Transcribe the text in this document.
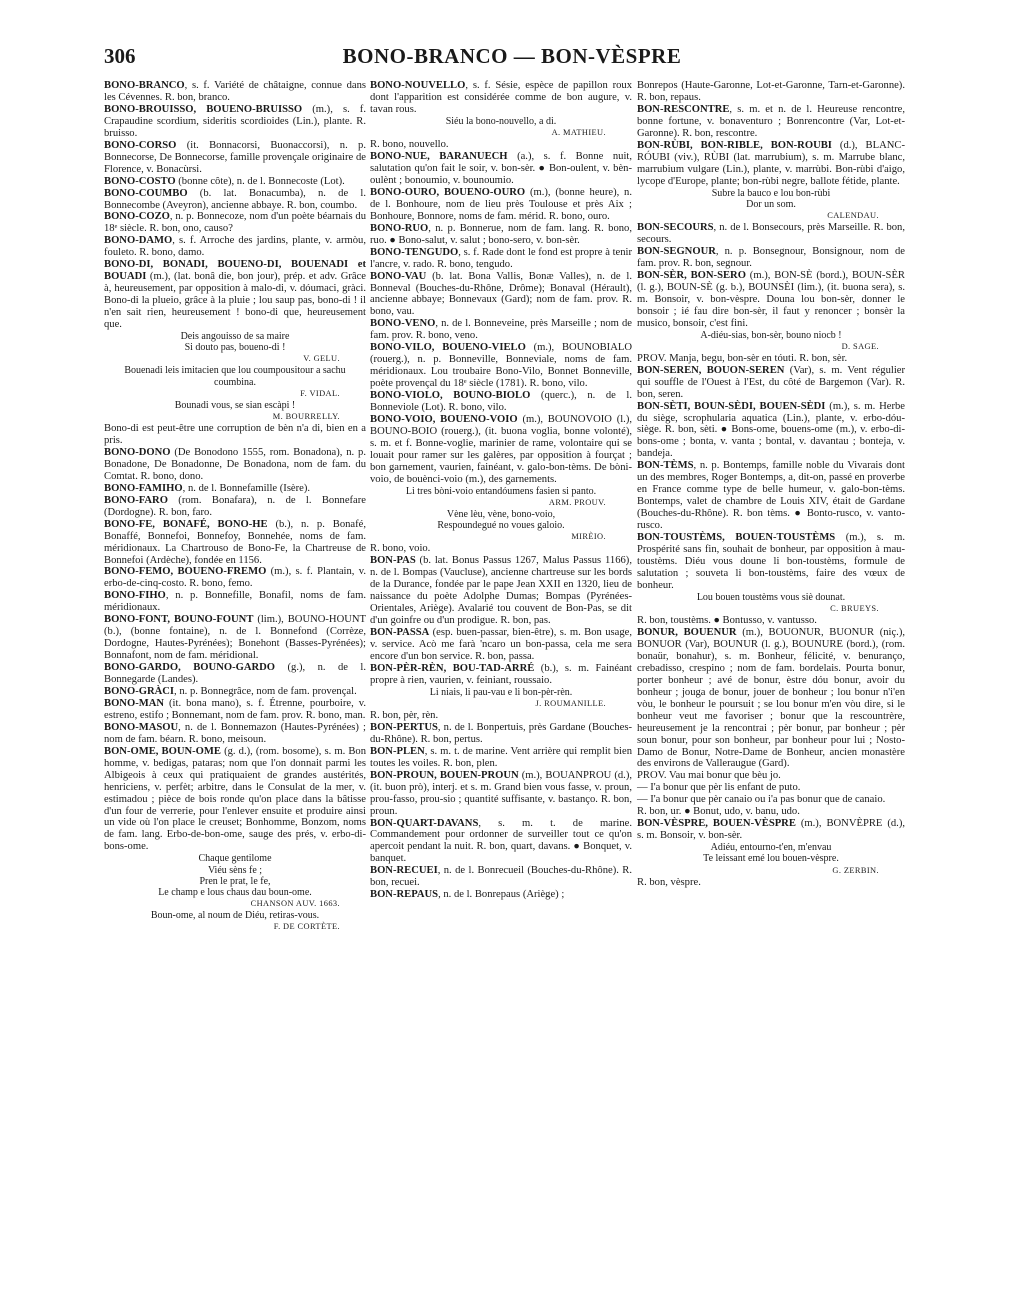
BONO-BRANCO — BON-VÈSPRE
306

BONO-BRANCO, s. f. Variété de châtaigne, connue dans les Cévennes. R. bon, branco.

BONO-BROUISSO, BOUENO-BRUISSO (m.), s. f. Crapaudine scordium, sideritis scordioides (Lin.), plante. R. bruisso.

BONO-CORSO (it. Bonnacorsi, Buonaccorsi), n. p. Bonnecorse, De Bonnecorse, famille provençale originaire de Florence, v. Bonacùrsi.

BONO-COSTO (bonne côte), n. de l. Bonnecoste (Lot).

BONO-COUMBO (b. lat. Bonacumba), n. de l. Bonnecombe (Aveyron), ancienne abbaye. R. bon, coumbo.

BONO-COZO, n. p. Bonnecoze, nom d'un poète béarnais du 18ᵉ siècle. R. bon, ono, causo?

BONO-DAMO, s. f. Arroche des jardins, plante, v. armòu, fouleto. R. bono, damo.

BONO-DI, BONADI, BOUENO-DI, BOUENADI et BOUADI (m.), (lat. bonâ die, bon jour), prép. et adv. Grâce à, heureusement, par opposition à malo-di, v. dóumaci, gràci. Bono-di la plueio, grâce à la pluie ; lou saup pas, bono-di ! il n'en sait rien, heureusement ! bono-di que, heureusement que.

Deis angouisso de sa maire
Si douto pas, boueno-di !

V. GELU.

Bouenadi leis imitacien que lou coumpousitour a sachu coumbina.

F. VIDAL.

Bounadi vous, se sian escàpi !

M. BOURRELLY.

Bono-di est peut-être une corruption de bèn n'a di, bien en a pris.

BONO-DONO (De Bonodono 1555, rom. Bonadona), n. p. Bonadone, De Bonadonne, De Bonadona, nom de fam. du Comtat. R. bono, dono.

BONO-FAMIHO, n. de l. Bonnefamille (Isère).

BONO-FARO (rom. Bonafara), n. de l. Bonnefare (Dordogne). R. bon, faro.

BONO-FE, BONAFÉ, BONO-HE (b.), n. p. Bonafé, Bonaffé, Bonnefoi, Bonnefoy, Bonnehée, noms de fam. méridionaux. La Chartrouso de Bono-Fe, la Chartreuse de Bonnefoi (Ardèche), fondée en 1156.

BONO-FEMO, BOUENO-FREMO (m.), s. f. Plantain, v. erbo-de-cinq-costo. R. bono, femo.

BONO-FIHO, n. p. Bonnefille, Bonafil, noms de fam. méridionaux.

BONO-FONT, BOUNO-FOUNT (lim.), BOUNO-HOUNT (b.), (bonne fontaine), n. de l. Bonnefond (Corrèze, Dordogne, Hautes-Pyrénées); Bonehont (Basses-Pyrénées); Bonnafont, nom de fam. méridional.

BONO-GARDO, BOUNO-GARDO (g.), n. de l. Bonnegarde (Landes).

BONO-GRÀCI, n. p. Bonnegrâce, nom de fam. provençal.

BONO-MAN (it. bona mano), s. f. Étrenne, pourboire, v. estreno, estifo ; Bonnemant, nom de fam. prov. R. bono, man.

BONO-MASOU, n. de l. Bonnemazon (Hautes-Pyrénées) ; nom de fam. béarn. R. bono, meisoun.

BON-OME, BOUN-OME (g. d.), (rom. bosome), s. m. Bon homme, v. bedigas, pataras; nom que l'on donnait parmi les Albigeois à ceux qui pratiquaient de grandes austérités, henriciens, v. perfèt; arbitre, dans le Consulat de la mer, v. estimadou ; pièce de bois ronde qu'on place dans la bâtisse d'un four de verrerie, pour l'enlever ensuite et produire ainsi un vide où l'on place le creuset; Bonhomme, Bonzom, noms de fam. lang. Erbo-de-bon-ome, sauge des prés, v. erbo-di-bons-ome.

Chaque gentilome
Viéu sèns fe ;
Pren le prat, le fe,
Le champ e lous chaus dau boun-ome.

CHANSON AUV. 1663.

Boun-ome, al noum de Diéu, retiras-vous.

F. DE CORTÈTE.

BONO-NOUVELLO, s. f. Sésie, espèce de papillon roux dont l'apparition est considérée comme de bon augure, v. tavan rous.

Siéu la bono-nouvello, a di.

A. MATHIEU.

R. bono, nouvello.

BONO-NUE, BARANUECH (a.), s. f. Bonne nuit, salutation qu'on fait le soir, v. bon-sèr. ● Bon-oulent, v. bèn-oulènt ; bonoumio, v. bounoumio.

BONO-OURO, BOUENO-OURO (m.), (bonne heure), n. de l. Bonhoure, nom de lieu près Toulouse et près Aix ; Bonhoure, Bonnore, noms de fam. mérid. R. bono, ouro.

BONO-RUO, n. p. Bonnerue, nom de fam. lang. R. bono, ruo. ● Bono-salut, v. salut ; bono-sero, v. bon-sèr.

BONO-TENGUDO, s. f. Rade dont le fond est propre à tenir l'ancre, v. rado. R. bono, tengudo.

BONO-VAU (b. lat. Bona Vallis, Bonæ Valles), n. de l. Bonneval (Bouches-du-Rhône, Drôme); Bonaval (Hérault), ancienne abbaye; Bonnevaux (Gard); nom de fam. prov. R. bono, vau.

BONO-VENO, n. de l. Bonneveine, près Marseille ; nom de fam. prov. R. bono, veno.

BONO-VILO, BOUENO-VIELO (m.), BOUNOBIALO (rouerg.), n. p. Bonneville, Bonneviale, noms de fam. méridionaux. Lou troubaire Bono-Vilo, Bonnet Bonneville, poète provençal du 18ᵉ siècle (1781). R. bono, vilo.

BONO-VIOLO, BOUNO-BIOLO (querc.), n. de l. Bonneviole (Lot). R. bono, vilo.

BONO-VOIO, BOUENO-VOIO (m.), BOUNOVOIO (l.), BOUNO-BOIO (rouerg.), (it. buona voglia, bonne volonté), s. m. et f. Bonne-voglie, marinier de rame, volontaire qui se louait pour ramer sur les galères, par opposition à fourçat ; bon garnement, vaurien, fainéant, v. galo-bon-tèms. De bòni-voio, de bouènci-voio (m.), des garnements.

Li tres bòni-voio entandóumens fasien si panto.

ARM. PROUV.

Vène lèu, vène, bono-voio,
Respoundegué no voues galoio.

MIRÈIO.

R. bono, voio.

BON-PAS (b. lat. Bonus Passus 1267, Malus Passus 1166), n. de l. Bompas (Vaucluse), ancienne chartreuse sur les bords de la Durance, fondée par le pape Jean XXII en 1320, lieu de naissance du poète Adolphe Dumas; Bompas (Pyrénées-Orientales, Ariège). Avalarié tou couvent de Bon-Pas, se dit d'un goinfre ou d'un prodigue. R. bon, pas.

BON-PASSA (esp. buen-passar, bien-être), s. m. Bon usage, v. service. Acò me farà 'ncaro un bon-passa, cela me sera encore d'un bon service. R. bon, passa.

BON-PÈR-RÈN, BOU-TAD-ARRÉ (b.), s. m. Fainéant propre à rien, vaurien, v. feiniant, roussaio.

Li niais, li pau-vau e li bon-pèr-rèn.

J. ROUMANILLE.

R. bon, pèr, rèn.

BON-PERTUS, n. de l. Bonpertuis, près Gardane (Bouches-du-Rhône). R. bon, pertus.

BON-PLEN, s. m. t. de marine. Vent arrière qui remplit bien toutes les voiles. R. bon, plen.

BON-PROUN, BOUEN-PROUN (m.), BOUANPROU (d.), (it. buon prò), interj. et s. m. Grand bien vous fasse, v. proun, prou-fasso, prou-sio ; quantité suffisante, v. bastanço. R. bon, proun.

BON-QUART-DAVANS, s. m. t. de marine. Commandement pour ordonner de surveiller tout ce qu'on apercoit pendant la nuit. R. bon, quart, davans. ● Bonquet, v. banquet.

BON-RECUEI, n. de l. Bonrecueil (Bouches-du-Rhône). R. bon, recuei.

BON-REPAUS, n. de l. Bonrepaus (Ariège) ;

Bonrepos (Haute-Garonne, Lot-et-Garonne, Tarn-et-Garonne). R. bon, repaus.

BON-RESCONTRE, s. m. et n. de l. Heureuse rencontre, bonne fortune, v. bonaventuro ; Bonrencontre (Var, Lot-et-Garonne). R. bon, rescontre.

BON-RÙBI, BON-RIBLE, BON-ROUBI (d.), BLANC-RÓUBI (viv.), RÙBI (lat. marrubium), s. m. Marrube blanc, marrubium vulgare (Lin.), plante, v. marrùbi. Bon-rùbi d'aigo, lycope d'Europe, plante; bon-rùbi negre, ballote fétide, plante.

Subre la bauco e lou bon-rùbi
Dor un som.

CALENDAU.

BON-SECOURS, n. de l. Bonsecours, près Marseille. R. bon, secours.

BON-SEGNOUR, n. p. Bonsegnour, Bonsignour, nom de fam. prov. R. bon, segnour.

BON-SÈR, BON-SERO (m.), BON-SÈ (bord.), BOUN-SÈR (l. g.), BOUN-SÈ (g. b.), BOUNSÈI (lim.), (it. buona sera), s. m. Bonsoir, v. bon-vèspre. Douna lou bon-sèr, donner le bonsoir ; ié fau dire bon-sèr, il faut y renoncer ; bonsèr la musico, bonsoir, c'est fini.

A-diéu-sias, bon-sèr, bouno niocb !

D. SAGE.

PROV. Manja, begu, bon-sèr en tóuti. R. bon, sèr.

BON-SEREN, BOUON-SEREN (Var), s. m. Vent régulier qui souffle de l'Ouest à l'Est, du côté de Bargemon (Var). R. bon, seren.

BON-SÈTI, BOUN-SÈDI, BOUEN-SÈDI (m.), s. m. Herbe du siège, scrophularia aquatica (Lin.), plante, v. erbo-dóu-siège. R. bon, sèti. ● Bons-ome, bouens-ome (m.), v. erbo-di-bons-ome ; bonta, v. vanta ; bontal, v. davantau ; bonteja, v. bandeja.

BON-TÈMS, n. p. Bontemps, famille noble du Vivarais dont un des membres, Roger Bontemps, a, dit-on, passé en proverbe en France comme type de belle humeur, v. galo-bon-tèms. Bontemps, valet de chambre de Louis XIV, était de Gardane (Bouches-du-Rhône). R. bon tèms. ● Bonto-rusco, v. vanto-rusco.

BON-TOUSTÈMS, BOUEN-TOUSTÈMS (m.), s. m. Prospérité sans fin, souhait de bonheur, par opposition à mau-toustèms. Diéu vous doune li bon-toustèms, formule de salutation ; souveta li bon-toustèms, faire des vœux de bonheur.

Lou bouen toustèms vous siè dounat.

C. BRUEYS.

R. bon, toustèms. ● Bontusso, v. vantusso.

BONUR, BOUENUR (m.), BOUONUR, BUONUR (niç.), BONUOR (Var), BOUNUR (l. g.), BOUNURE (bord.), (rom. bonaür, bonahur), s. m. Bonheur, félicité, v. benuranço, crebadisso, crespino ; nom de fam. bordelais. Pourta bonur, porter bonheur ; avé de bonur, èstre dóu bonur, avoir du bonheur ; jouga de bonur, jouer de bonheur ; lou bonur n'i'en vòu, le bonheur le poursuit ; se lou bonur m'en vòu dire, si le bonheur veut me favoriser ; bonur que la rescountrère, heureusement je la rencontrai ; pèr bonur, par bonheur ; pèr soun bonur, pour son bonheur, par bonheur pour lui ; Nosto-Damo de Bonur, Notre-Dame de Bonheur, ancien monastère des environs de Valleraugue (Gard).

PROV. Vau mai bonur que bèu jo.

— I'a bonur que pèr lis enfant de puto.

— I'a bonur que pèr canaio ou i'a pas bonur que de canaio.

R. bon, ur. ● Bonut, udo, v. banu, udo.

BON-VÈSPRE, BOUEN-VÈSPRE (m.), BONVÈPRE (d.), s. m. Bonsoir, v. bon-sèr.

Adiéu, entourno-t'en, m'envau
Te leissant emé lou bouen-vèspre.

G. ZERBIN.

R. bon, vèspre.
